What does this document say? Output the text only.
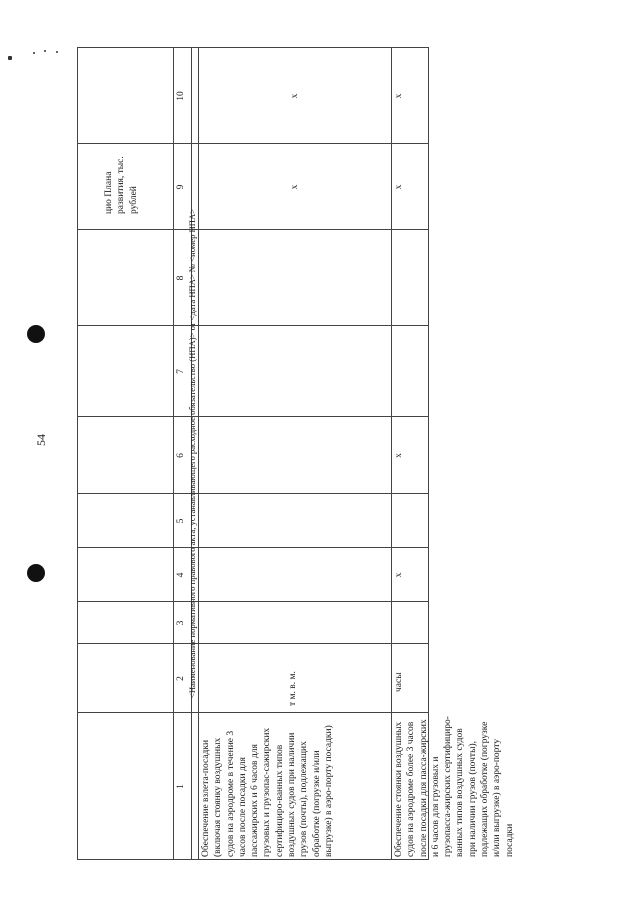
54
цио Плана развития, тыс. рублей
1
2
3
4
5
6
7
8
9
10
<Наименование нормативного правового акта, устанавливающего расходное обязательство (НПА)> от <дата НПА> № <номер НПА>
Обеспечение взлета-посадки (включая стоянку воздушных судов на аэродроме в течение 3 часов после посадки для пассажирских и 6 часов для грузовых и грузопас-сажирских сертифициро-ванных типов воздушных судов при наличии грузов (почты), подлежащих обработке (погрузке и/или выгрузке) в аэро-порту посадки)
т м. в. м.
x
x
Обеспечение стоянки воздушных судов на аэродроме более 3 часов после посадки для пасса-жирских и 6 часов для грузовых и грузопасса-жирских сертифициро-ванных типов воздушных судов при наличии грузов (почты), подлежащих обработке (погрузке и/или выгрузке) в аэро-порту посадки
часы
x
x
x
x
